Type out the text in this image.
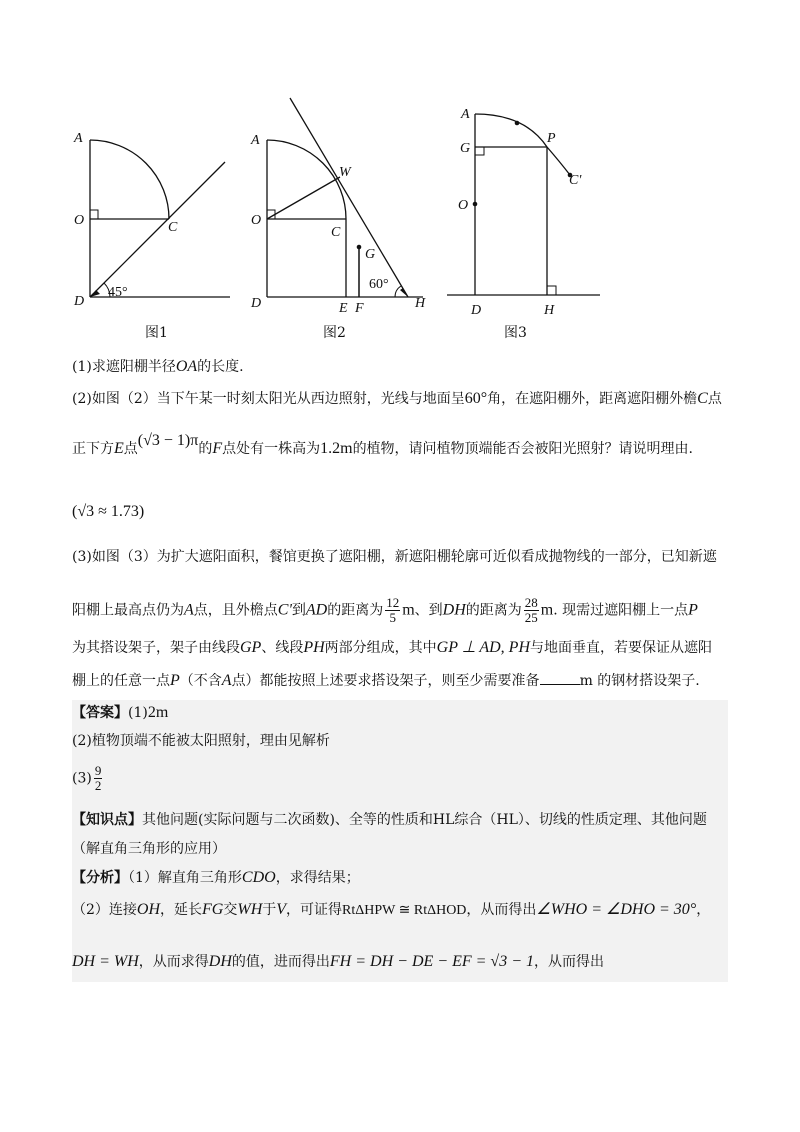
A
O	C
D
45°
图1
A
W
O
C
G
60°
D	E F	H
图2
A
P
G
C'
O
D	H
图3
(1)求遮阳棚半径OA的长度.
(2)如图（2）当下午某一时刻太阳光从西边照射，光线与地面呈60°角，在遮阳棚外，距离遮阳棚外檐C点
正下方E点(√3 − 1)π的F点处有一株高为1.2m的植物，请问植物顶端能否会被阳光照射？请说明理由.
(√3 ≈ 1.73)
(3)如图（3）为扩大遮阳面积，餐馆更换了遮阳棚，新遮阳棚轮廓可近似看成抛物线的一部分，已知新遮
阳棚上最高点仍为A点，且外檐点C'到AD的距离为 $\frac{12}{5}$ m、到DH的距离为 $\frac{28}{25} m$. 现需过遮阳棚上一点P
为其搭设架子，架子由线段GP、线段PH两部分组成，其中GP ⊥ AD, PH与地面垂直，若要保证从遮阳
棚上的任意一点P（不含A点）都能按照上述要求搭设架子，则至少需要准备	m 的钢材搭设架子.
【答案】(1)2m
(2)植物顶端不能被太阳照射，理由见解析
$(3) \frac{9}{2}$
【知识点】其他问题(实际问题与二次函数)、全等的性质和HL综合（HL）、切线的性质定理、其他问题
（解直角三角形的应用）
【分析】（1）解直角三角形CDO，求得结果；
（2）连接OH，延长FG交WH于V，可证得RtΔHPW ≅ RtΔHOD，从而得出∠WHO = ∠DHO = 30°，
DH = WH，从而求得DH的值，进而得出FH = DH − DE − EF = √3 − 1，从而得出
